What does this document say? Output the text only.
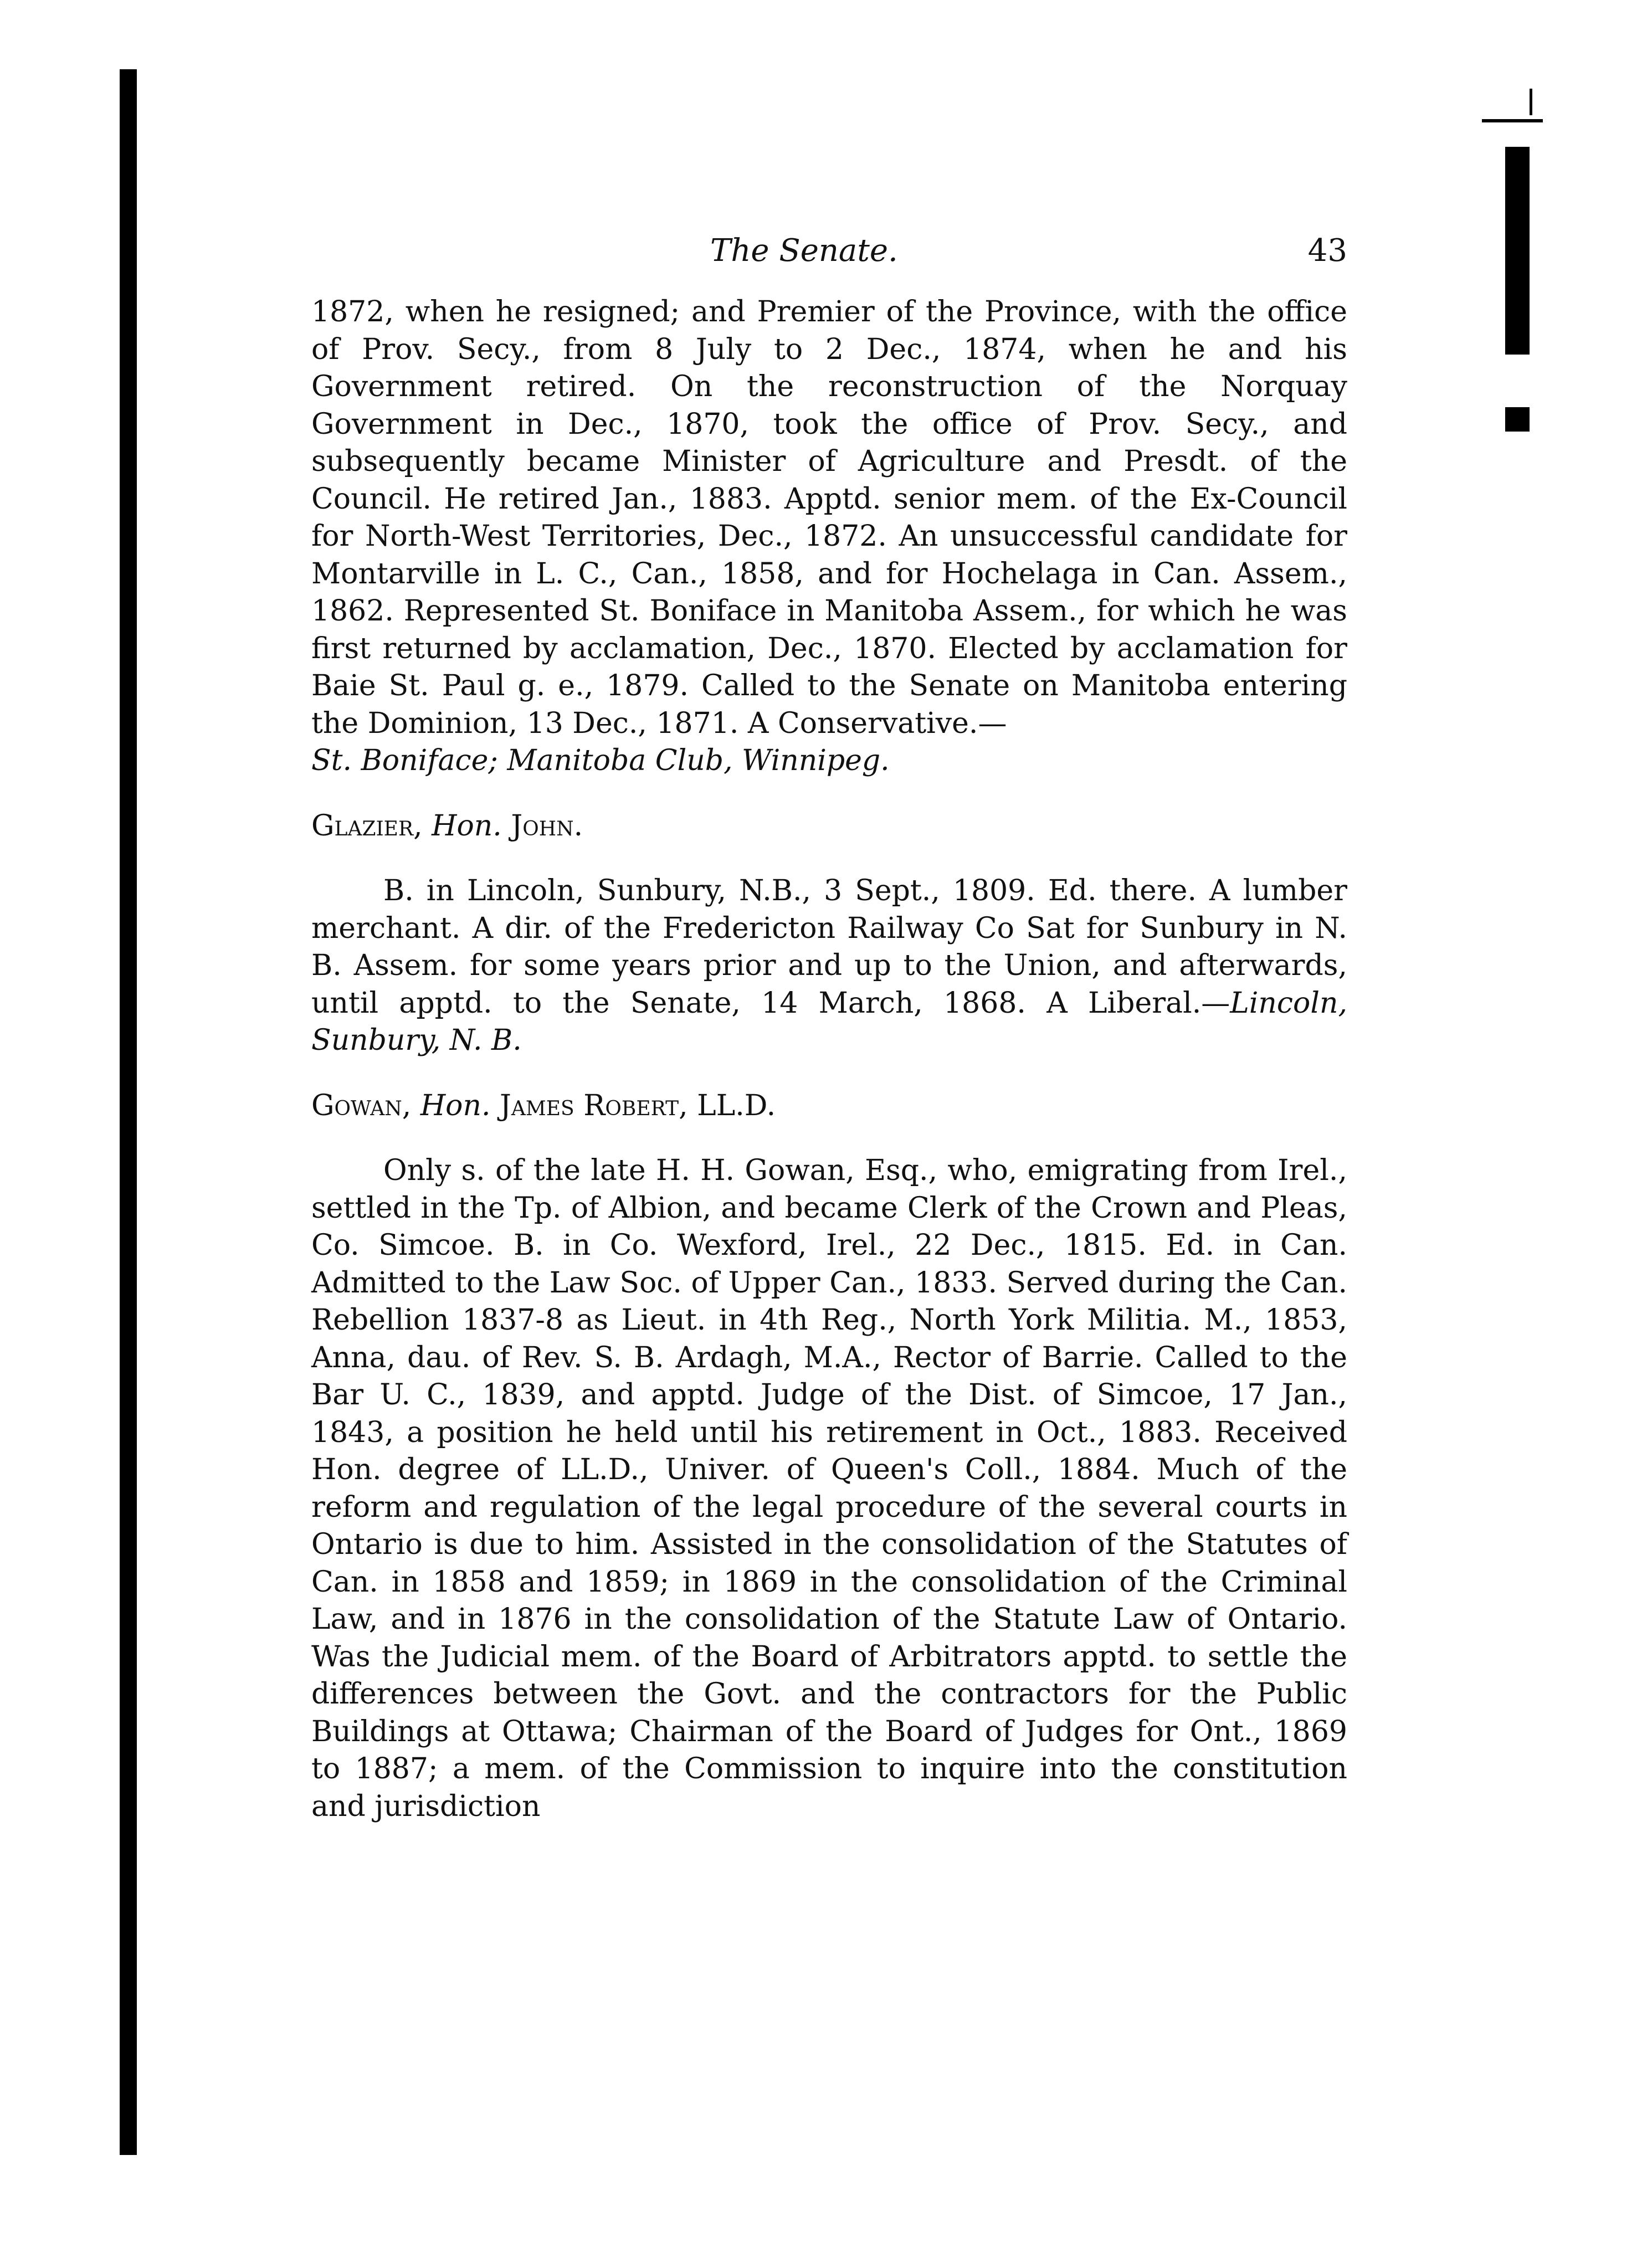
The Senate.	43

1872, when he resigned; and Premier of the Province, with the office of Prov. Secy., from 8 July to 2 Dec., 1874, when he and his Government retired. On the reconstruction of the Norquay Government in Dec., 1870, took the office of Prov. Secy., and subsequently became Minister of Agriculture and Presdt. of the Council. He retired Jan., 1883. Apptd. senior mem. of the Ex-Council for North-West Territories, Dec., 1872. An unsuccessful candidate for Montarville in L. C., Can., 1858, and for Hochelaga in Can. Assem., 1862. Represented St. Boniface in Manitoba Assem., for which he was first returned by acclamation, Dec., 1870. Elected by acclamation for Baie St. Paul g. e., 1879. Called to the Senate on Manitoba entering the Dominion, 13 Dec., 1871. A Conservative.—
St. Boniface; Manitoba Club, Winnipeg.

Glazier, Hon. John.

B. in Lincoln, Sunbury, N.B., 3 Sept., 1809. Ed. there. A lumber merchant. A dir. of the Fredericton Railway Co Sat for Sunbury in N. B. Assem. for some years prior and up to the Union, and afterwards, until apptd. to the Senate, 14 March, 1868. A Liberal.—Lincoln, Sunbury, N. B.

Gowan, Hon. James Robert, LL.D.

Only s. of the late H. H. Gowan, Esq., who, emigrating from Irel., settled in the Tp. of Albion, and became Clerk of the Crown and Pleas, Co. Simcoe. B. in Co. Wexford, Irel., 22 Dec., 1815. Ed. in Can. Admitted to the Law Soc. of Upper Can., 1833. Served during the Can. Rebellion 1837-8 as Lieut. in 4th Reg., North York Militia. M., 1853, Anna, dau. of Rev. S. B. Ardagh, M.A., Rector of Barrie. Called to the Bar U. C., 1839, and apptd. Judge of the Dist. of Simcoe, 17 Jan., 1843, a position he held until his retirement in Oct., 1883. Received Hon. degree of LL.D., Univer. of Queen's Coll., 1884. Much of the reform and regulation of the legal procedure of the several courts in Ontario is due to him. Assisted in the consolidation of the Statutes of Can. in 1858 and 1859; in 1869 in the consolidation of the Criminal Law, and in 1876 in the consolidation of the Statute Law of Ontario. Was the Judicial mem. of the Board of Arbitrators apptd. to settle the differences between the Govt. and the contractors for the Public Buildings at Ottawa; Chairman of the Board of Judges for Ont., 1869 to 1887; a mem. of the Commission to inquire into the constitution and jurisdiction
